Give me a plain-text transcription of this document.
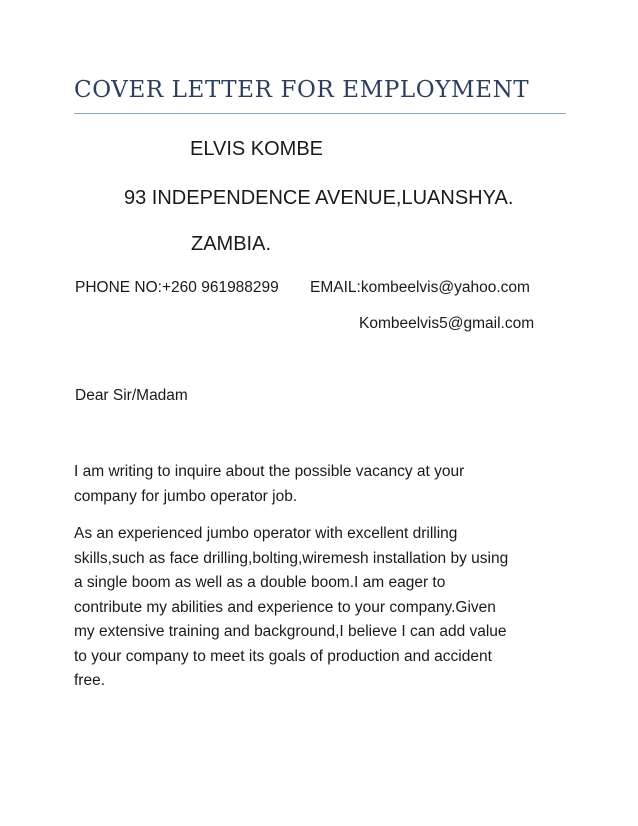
COVER LETTER FOR EMPLOYMENT
ELVIS KOMBE
93 INDEPENDENCE AVENUE,LUANSHYA.
ZAMBIA.
PHONE NO:+260 961988299 EMAIL:kombeelvis@yahoo.com
Kombeelvis5@gmail.com
Dear Sir/Madam

I am writing to inquire about the possible vacancy at your
company for jumbo operator job.

As an experienced jumbo operator with excellent drilling
skills,such as face drilling,bolting,wiremesh installation by using
a single boom as well as a double boom.I am eager to
contribute my abilities and experience to your company.Given
my extensive training and background,I believe I can add value
to your company to meet its goals of production and accident
free.
